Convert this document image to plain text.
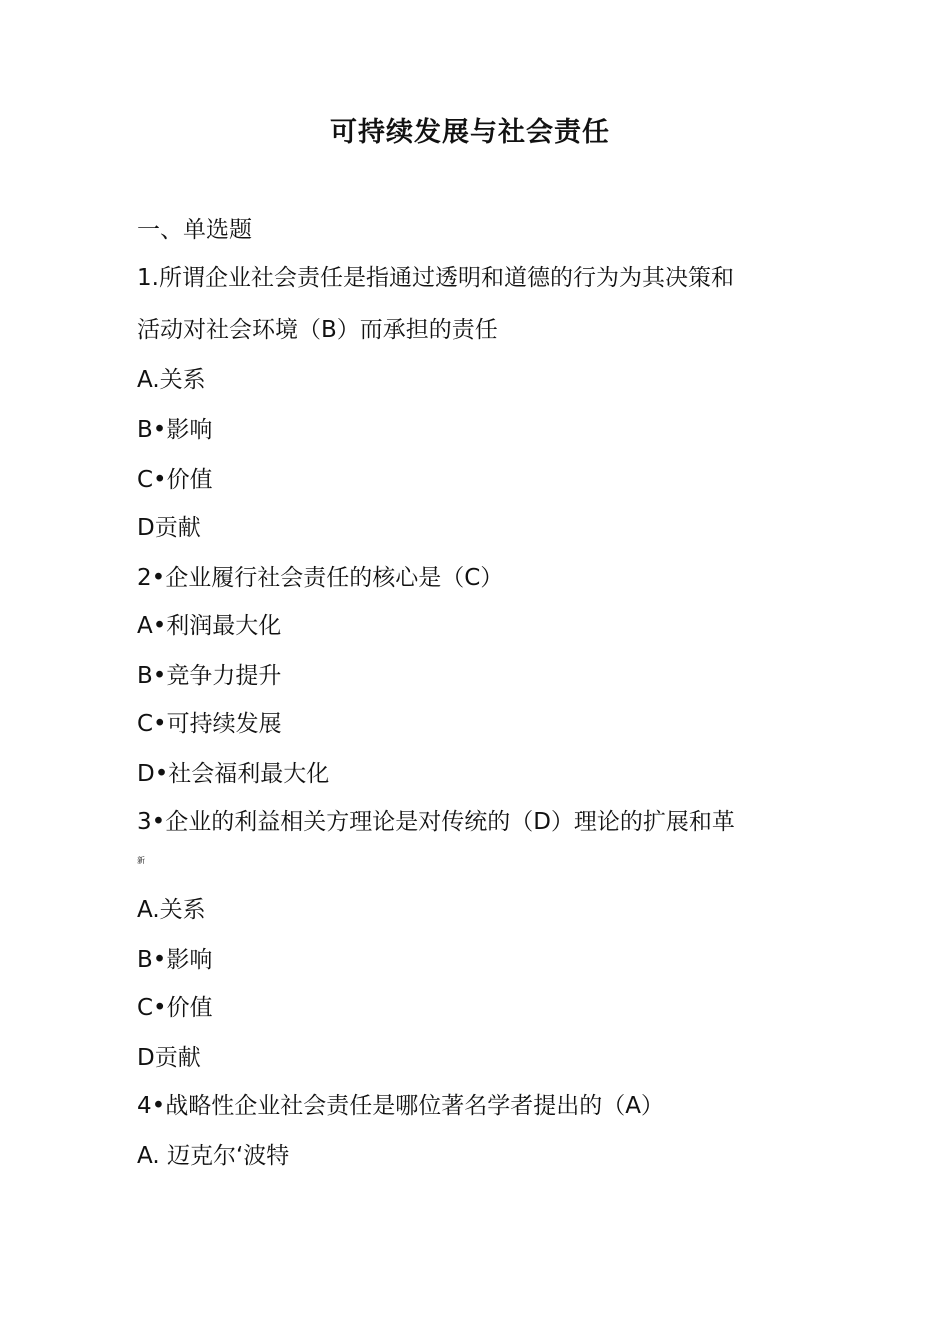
可持续发展与社会责任

一、单选题

1.所谓企业社会责任是指通过透明和道德的行为为其决策和

活动对社会环境（B）而承担的责任

A.关系

B•影响

C•价值

D贡献

2•企业履行社会责任的核心是（C）

A•利润最大化

B•竞争力提升

C•可持续发展

D•社会福利最大化

3•企业的利益相关方理论是对传统的（D）理论的扩展和革

新

A.关系

B•影响

C•价值

D贡献

4•战略性企业社会责任是哪位著名学者提出的（A）

A. 迈克尔‘波特
